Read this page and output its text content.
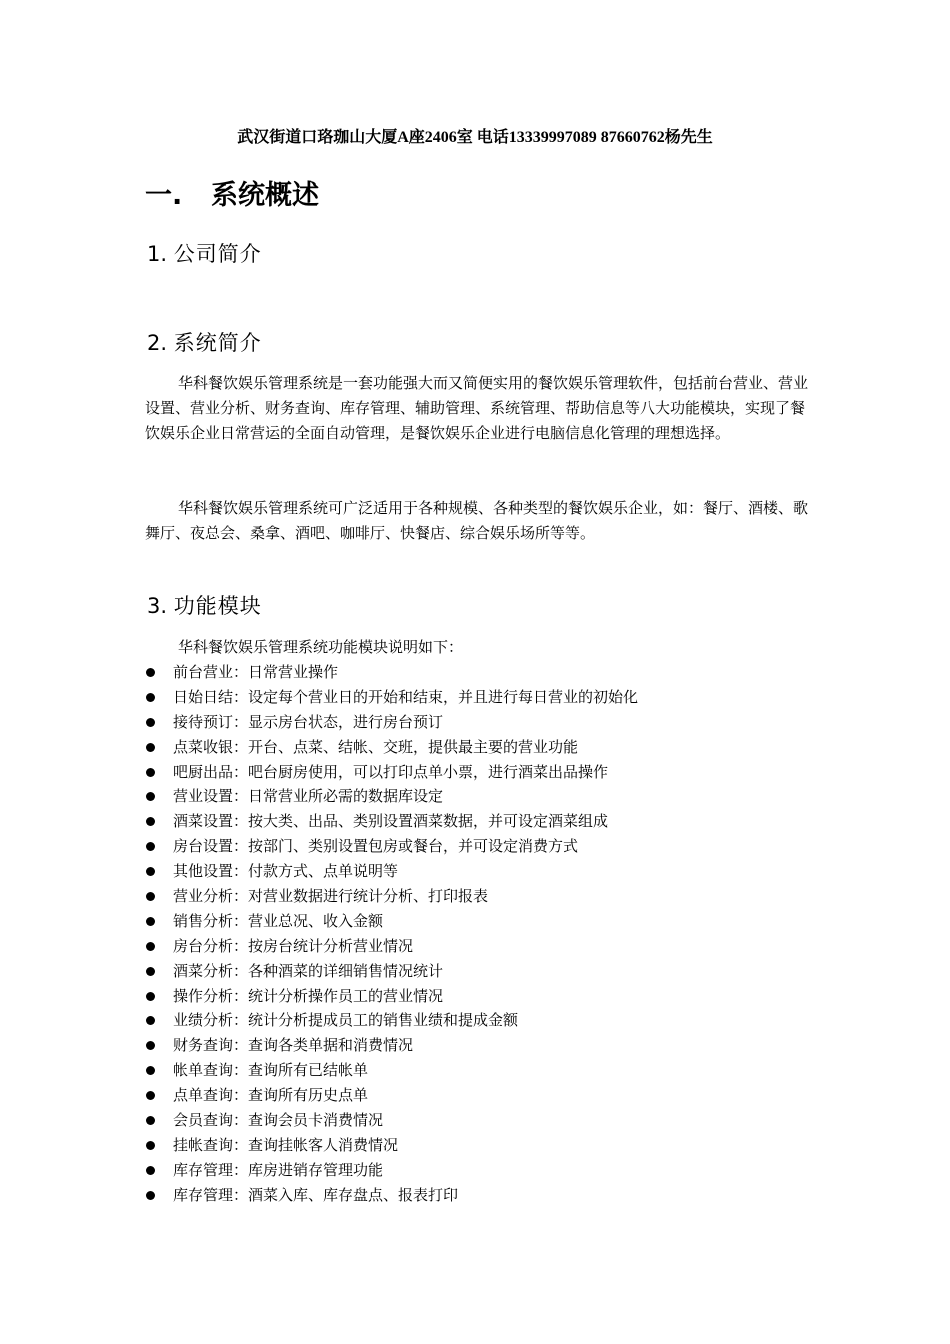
武汉街道口珞珈山大厦A座2406室 电话13339997089 87660762杨先生
一. 系统概述
1. 公司简介
2. 系统简介

华科餐饮娱乐管理系统是一套功能强大而又简便实用的餐饮娱乐管理软件，包括前台营业、营业设置、营业分析、财务查询、库存管理、辅助管理、系统管理、帮助信息等八大功能模块，实现了餐饮娱乐企业日常营运的全面自动管理，是餐饮娱乐企业进行电脑信息化管理的理想选择。

华科餐饮娱乐管理系统可广泛适用于各种规模、各种类型的餐饮娱乐企业，如：餐厅、酒楼、歌舞厅、夜总会、桑拿、酒吧、咖啡厅、快餐店、综合娱乐场所等等。

3. 功能模块

华科餐饮娱乐管理系统功能模块说明如下：

前台营业：日常营业操作
日始日结：设定每个营业日的开始和结束，并且进行每日营业的初始化
接待预订：显示房台状态，进行房台预订
点菜收银：开台、点菜、结帐、交班，提供最主要的营业功能
吧厨出品：吧台厨房使用，可以打印点单小票，进行酒菜出品操作
营业设置：日常营业所必需的数据库设定
酒菜设置：按大类、出品、类别设置酒菜数据，并可设定酒菜组成
房台设置：按部门、类别设置包房或餐台，并可设定消费方式
其他设置：付款方式、点单说明等
营业分析：对营业数据进行统计分析、打印报表
销售分析：营业总况、收入金额
房台分析：按房台统计分析营业情况
酒菜分析：各种酒菜的详细销售情况统计
操作分析：统计分析操作员工的营业情况
业绩分析：统计分析提成员工的销售业绩和提成金额
财务查询：查询各类单据和消费情况
帐单查询：查询所有已结帐单
点单查询：查询所有历史点单
会员查询：查询会员卡消费情况
挂帐查询：查询挂帐客人消费情况
库存管理：库房进销存管理功能
库存管理：酒菜入库、库存盘点、报表打印
